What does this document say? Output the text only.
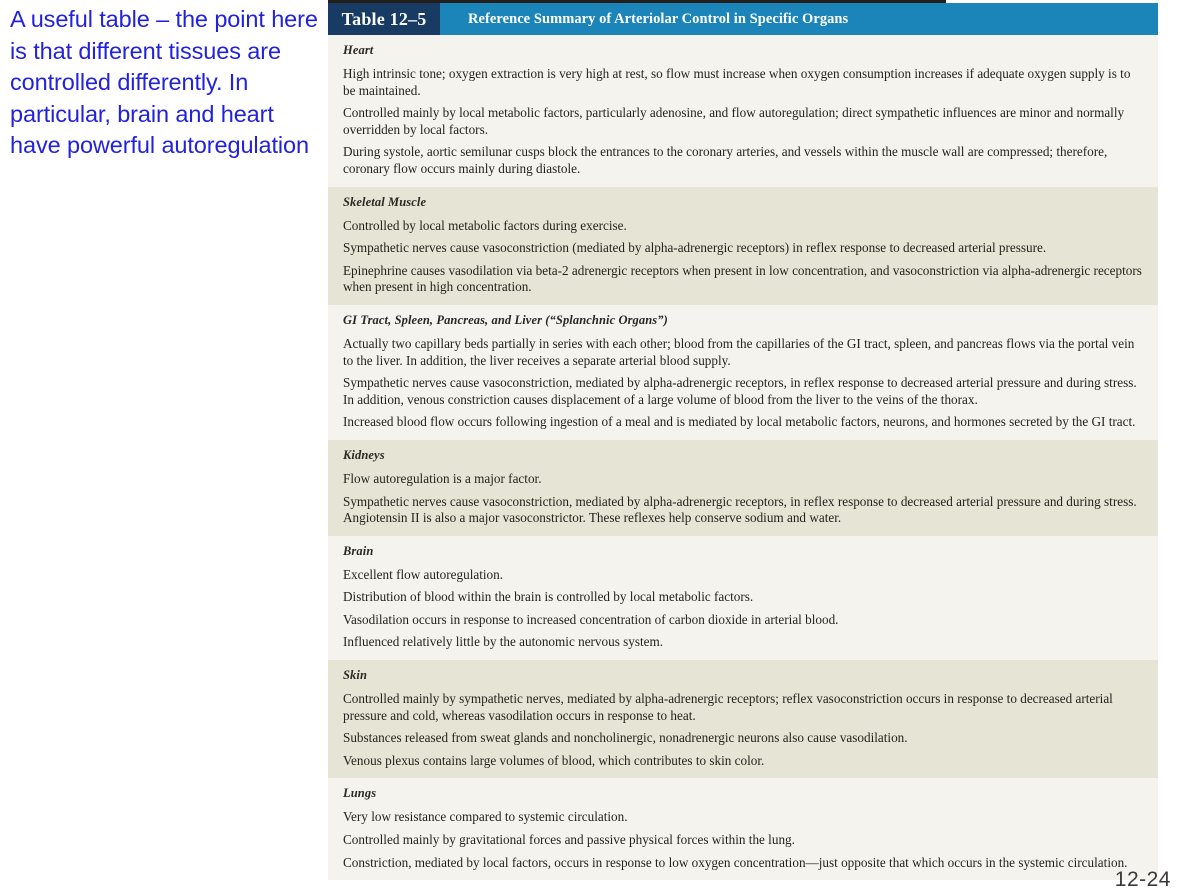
A useful table – the point here is that different tissues are controlled differently. In particular, brain and heart have powerful autoregulation
Table 12–5	Reference Summary of Arteriolar Control in Specific Organs
Heart
High intrinsic tone; oxygen extraction is very high at rest, so flow must increase when oxygen consumption increases if adequate oxygen supply is to be maintained.
Controlled mainly by local metabolic factors, particularly adenosine, and flow autoregulation; direct sympathetic influences are minor and normally overridden by local factors.
During systole, aortic semilunar cusps block the entrances to the coronary arteries, and vessels within the muscle wall are compressed; therefore, coronary flow occurs mainly during diastole.
Skeletal Muscle
Controlled by local metabolic factors during exercise.
Sympathetic nerves cause vasoconstriction (mediated by alpha-adrenergic receptors) in reflex response to decreased arterial pressure.
Epinephrine causes vasodilation via beta-2 adrenergic receptors when present in low concentration, and vasoconstriction via alpha-adrenergic receptors when present in high concentration.
GI Tract, Spleen, Pancreas, and Liver (“Splanchnic Organs”)
Actually two capillary beds partially in series with each other; blood from the capillaries of the GI tract, spleen, and pancreas flows via the portal vein to the liver. In addition, the liver receives a separate arterial blood supply.
Sympathetic nerves cause vasoconstriction, mediated by alpha-adrenergic receptors, in reflex response to decreased arterial pressure and during stress. In addition, venous constriction causes displacement of a large volume of blood from the liver to the veins of the thorax.
Increased blood flow occurs following ingestion of a meal and is mediated by local metabolic factors, neurons, and hormones secreted by the GI tract.
Kidneys
Flow autoregulation is a major factor.
Sympathetic nerves cause vasoconstriction, mediated by alpha-adrenergic receptors, in reflex response to decreased arterial pressure and during stress. Angiotensin II is also a major vasoconstrictor. These reflexes help conserve sodium and water.
Brain
Excellent flow autoregulation.
Distribution of blood within the brain is controlled by local metabolic factors.
Vasodilation occurs in response to increased concentration of carbon dioxide in arterial blood.
Influenced relatively little by the autonomic nervous system.
Skin
Controlled mainly by sympathetic nerves, mediated by alpha-adrenergic receptors; reflex vasoconstriction occurs in response to decreased arterial pressure and cold, whereas vasodilation occurs in response to heat.
Substances released from sweat glands and noncholinergic, nonadrenergic neurons also cause vasodilation.
Venous plexus contains large volumes of blood, which contributes to skin color.
Lungs
Very low resistance compared to systemic circulation.
Controlled mainly by gravitational forces and passive physical forces within the lung.
Constriction, mediated by local factors, occurs in response to low oxygen concentration—just opposite that which occurs in the systemic circulation.
12-24
